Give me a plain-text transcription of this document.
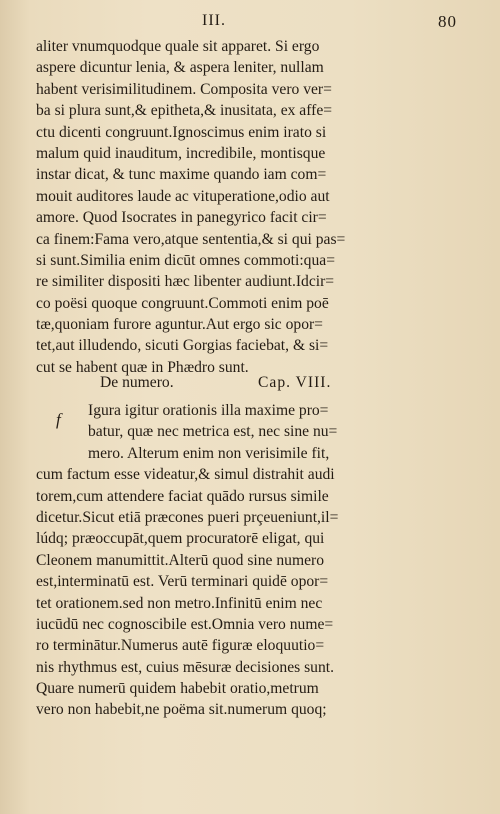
III.	80
aliter vnumquodque quale sit apparet. Si ergo
aspere dicuntur lenia, & aspera leniter, nullam
habent verisimilitudinem. Composita vero ver=
ba si plura sunt,& epitheta,& inusitata, ex affe=
ctu dicenti congruunt.Ignoscimus enim irato si
malum quid inauditum, incredibile, montisque
instar dicat, & tunc maxime quando iam com=
mouit auditores laude ac vituperatione,odio aut
amore. Quod Isocrates in panegyrico facit cir=
ca finem:Fama vero,atque sententia,& si qui pas=
si sunt.Similia enim dicūt omnes commoti:qua=
re similiter dispositi hæc libenter audiunt.Idcir=
co poësi quoque congruunt.Commoti enim poē
tæ,quoniam furore aguntur.Aut ergo sic opor=
tet,aut illudendo, sicuti Gorgias faciebat, & si=
cut se habent quæ in Phædro sunt.
De numero.	Cap. VIII.
Igura igitur orationis illa maxime pro=
batur, quæ nec metrica est, nec sine nu=
mero. Alterum enim non verisimile fit,
cum factum esse videatur,& simul distrahit audi
torem,cum attendere faciat quādo rursus simile
dicetur.Sicut etiā præcones pueri prçeueniunt,il=
lúdq; præoccupāt,quem procuratorē eligat, qui
Cleonem manumittit.Alterū quod sine numero
est,interminatū est. Verū terminari quidē opor=
tet orationem.sed non metro.Infinitū enim nec
iucūdū nec cognoscibile est.Omnia vero nume=
ro terminātur.Numerus autē figuræ eloquutio=
nis rhythmus est, cuius mēsuræ decisiones sunt.
Quare numerū quidem habebit oratio,metrum
vero non habebit,ne poëma sit.numerum quoq;
f
